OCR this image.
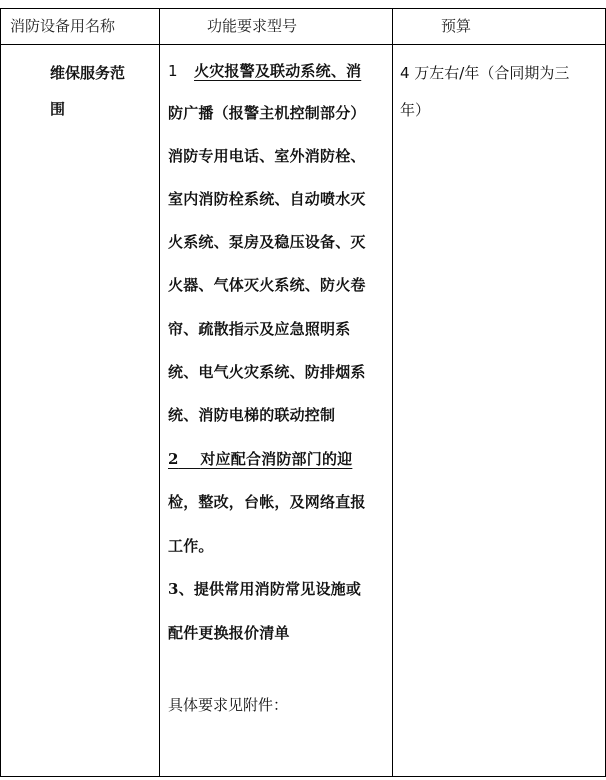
消防设备用名称	功能要求型号	预算
维保服务范
围
1 火灾报警及联动系统、消
防广播（报警主机控制部分）
消防专用电话、室外消防栓、
室内消防栓系统、自动喷水灭
火系统、泵房及稳压设备、灭
火器、气体灭火系统、防火卷
帘、疏散指示及应急照明系
统、电气火灾系统、防排烟系
统、消防电梯的联动控制
2 对应配合消防部门的迎
检，整改，台帐，及网络直报
工作。
3、提供常用消防常见设施或
配件更换报价清单
具体要求见附件：
4 万左右/年（合同期为三
年）
